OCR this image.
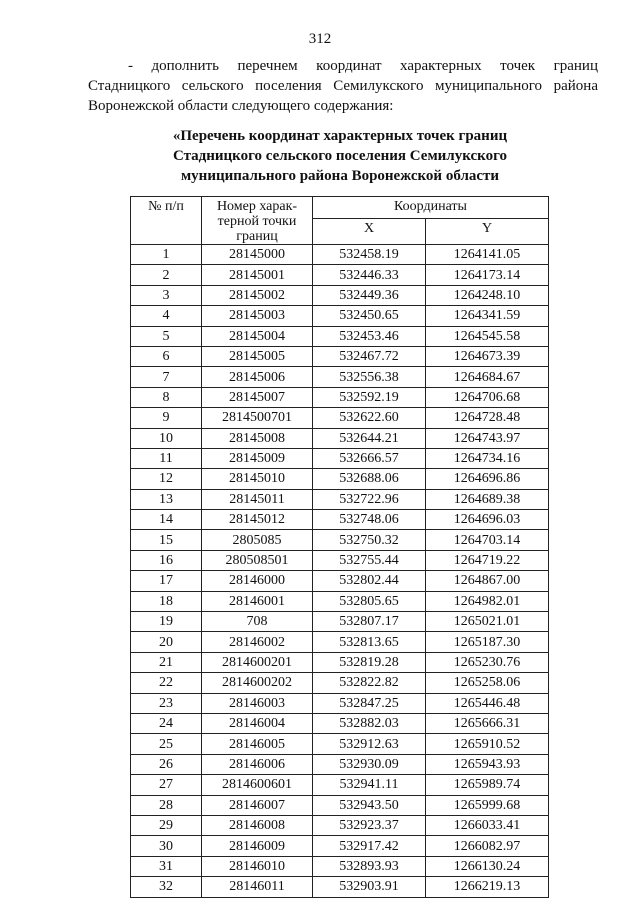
312

- дополнить перечнем координат характерных точек границ

Стадницкого сельского поселения Семилукского муниципального района

Воронежской области следующего содержания:

«Перечень координат характерных точек границ
Стадницкого сельского поселения Семилукского
муниципального района Воронежской области
№ п/п	Номер харак-терной точки границ	Координаты	
		X	Y
1	28145000	532458.19	1264141.05
2	28145001	532446.33	1264173.14
3	28145002	532449.36	1264248.10
4	28145003	532450.65	1264341.59
5	28145004	532453.46	1264545.58
6	28145005	532467.72	1264673.39
7	28145006	532556.38	1264684.67
8	28145007	532592.19	1264706.68
9	2814500701	532622.60	1264728.48
10	28145008	532644.21	1264743.97
11	28145009	532666.57	1264734.16
12	28145010	532688.06	1264696.86
13	28145011	532722.96	1264689.38
14	28145012	532748.06	1264696.03
15	2805085	532750.32	1264703.14
16	280508501	532755.44	1264719.22
17	28146000	532802.44	1264867.00
18	28146001	532805.65	1264982.01
19	708	532807.17	1265021.01
20	28146002	532813.65	1265187.30
21	2814600201	532819.28	1265230.76
22	2814600202	532822.82	1265258.06
23	28146003	532847.25	1265446.48
24	28146004	532882.03	1265666.31
25	28146005	532912.63	1265910.52
26	28146006	532930.09	1265943.93
27	2814600601	532941.11	1265989.74
28	28146007	532943.50	1265999.68
29	28146008	532923.37	1266033.41
30	28146009	532917.42	1266082.97
31	28146010	532893.93	1266130.24
32	28146011	532903.91	1266219.13
